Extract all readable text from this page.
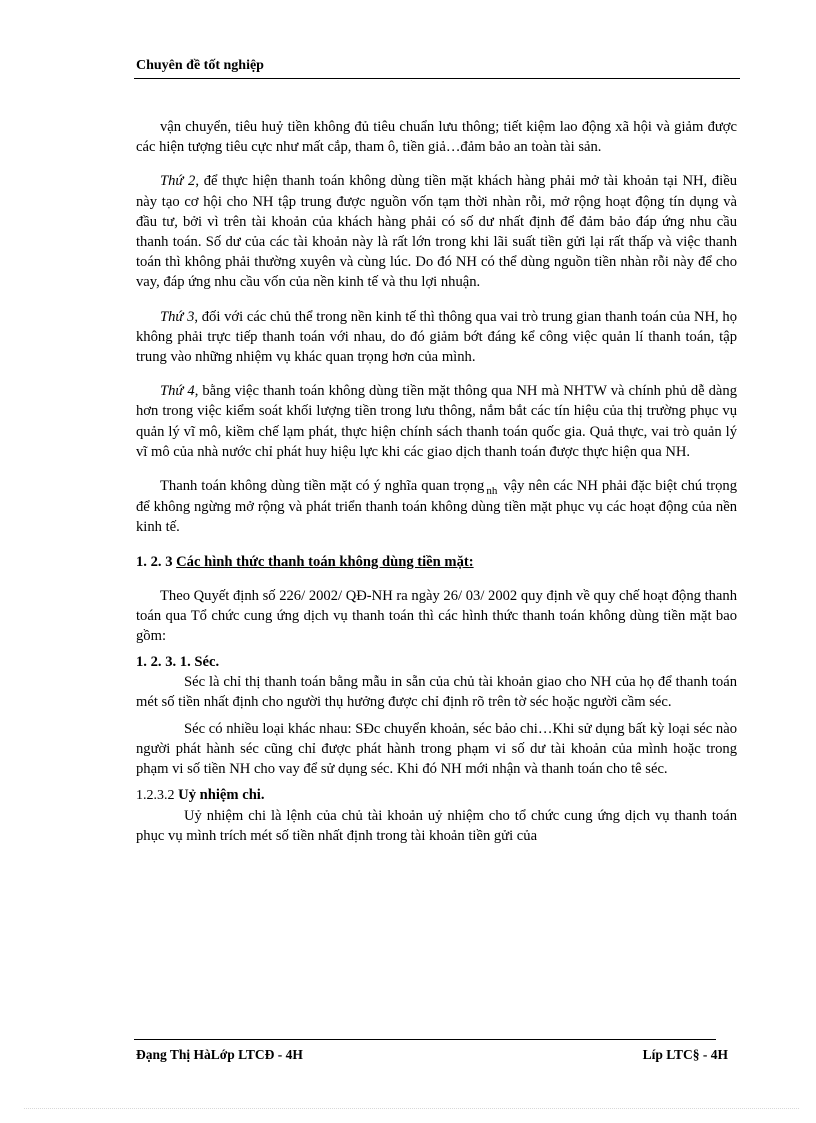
Chuyên đề tốt nghiệp

vận chuyển, tiêu huỷ tiền không đủ tiêu chuẩn lưu thông; tiết kiệm lao động xã hội và giảm được các hiện tượng tiêu cực như mất cắp, tham ô, tiền giả…đảm bảo an toàn tài sản.

Thứ 2, để thực hiện thanh toán không dùng tiền mặt khách hàng phải mở tài khoản tại NH, điều này tạo cơ hội cho NH tập trung được nguồn vốn tạm thời nhàn rỗi, mở rộng hoạt động tín dụng và đầu tư, bởi vì trên tài khoản của khách hàng phải có số dư nhất định để đảm bảo đáp ứng nhu cầu thanh toán. Số dư của các tài khoản này là rất lớn trong khi lãi suất tiền gửi lại rất thấp và việc thanh toán thì không phải thường xuyên và cùng lúc. Do đó NH có thể dùng nguồn tiền nhàn rỗi này để cho vay, đáp ứng nhu cầu vốn của nền kinh tế và thu lợi nhuận.

Thứ 3, đối với các chủ thể trong nền kinh tế thì thông qua vai trò trung gian thanh toán của NH, họ không phải trực tiếp thanh toán với nhau, do đó giảm bớt đáng kể công việc quản lí thanh toán, tập trung vào những nhiệm vụ khác quan trọng hơn của mình.

Thứ 4, bằng việc thanh toán không dùng tiền mặt thông qua NH mà NHTW và chính phủ dễ dàng hơn trong việc kiểm soát khối lượng tiền trong lưu thông, nắm bắt các tín hiệu của thị trường phục vụ quản lý vĩ mô, kiềm chế lạm phát, thực hiện chính sách thanh toán quốc gia. Quả thực, vai trò quản lý vĩ mô của nhà nước chỉ phát huy hiệu lực khi các giao dịch thanh toán được thực hiện qua NH.

Thanh toán không dùng tiền mặt có ý nghĩa quan trọng $_{nh}$ vậy nên các NH phải đặc biệt chú trọng để không ngừng mở rộng và phát triển thanh toán không dùng tiền mặt phục vụ các hoạt động của nền kinh tế.

1. 2. 3 Các hình thức thanh toán không dùng tiền mặt:

Theo Quyết định số 226/ 2002/ QĐ-NH ra ngày 26/ 03/ 2002 quy định về quy chế hoạt động thanh toán qua Tổ chức cung ứng dịch vụ thanh toán thì các hình thức thanh toán không dùng tiền mặt bao gồm:

1. 2. 3. 1. Séc.

Séc là chỉ thị thanh toán bằng mẫu in sẵn của chủ tài khoản giao cho NH của họ để thanh toán mét số tiền nhất định cho người thụ hưởng được chỉ định rõ trên tờ séc hoặc người cầm séc.

Séc có nhiều loại khác nhau: SÐc chuyển khoản, séc bảo chi…Khi sử dụng bất kỳ loại séc nào người phát hành séc cũng chỉ được phát hành trong phạm vi số dư tài khoản của mình hoặc trong phạm vi số tiền NH cho vay để sử dụng séc. Khi đó NH mới nhận và thanh toán cho tê séc.

1.2.3.2 Uỷ nhiệm chi.

Uỷ nhiệm chi là lệnh của chủ tài khoản uỷ nhiệm cho tổ chức cung ứng dịch vụ thanh toán phục vụ mình trích mét số tiền nhất định trong tài khoản tiền gửi của

Đạng Thị HàLớp LTCĐ - 4H	Líp LTC§ - 4H
